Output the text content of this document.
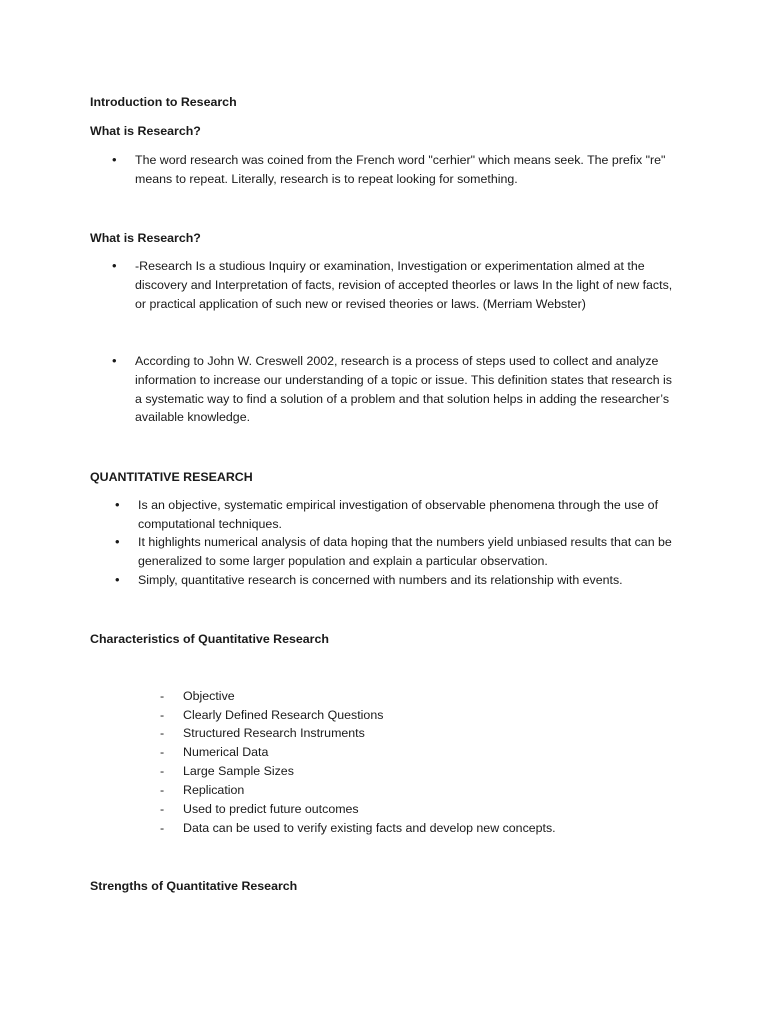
Introduction to Research
What is Research?
• The word research was coined from the French word "cerhier" which means seek. The prefix "re" means to repeat. Literally, research is to repeat looking for something.
What is Research?
• -Research Is a studious Inquiry or examination, Investigation or experimentation almed at the discovery and Interpretation of facts, revision of accepted theorles or laws In the light of new facts, or practical application of such new or revised theories or laws. (Merriam Webster)
• According to John W. Creswell 2002, research is a process of steps used to collect and analyze information to increase our understanding of a topic or issue. This definition states that research is a systematic way to find a solution of a problem and that solution helps in adding the researcher’s available knowledge.
QUANTITATIVE RESEARCH
• Is an objective, systematic empirical investigation of observable phenomena through the use of computational techniques.
• It highlights numerical analysis of data hoping that the numbers yield unbiased results that can be generalized to some larger population and explain a particular observation.
• Simply, quantitative research is concerned with numbers and its relationship with events.
Characteristics of Quantitative Research
- Objective
- Clearly Defined Research Questions
- Structured Research Instruments
- Numerical Data
- Large Sample Sizes
- Replication
- Used to predict future outcomes
- Data can be used to verify existing facts and develop new concepts.
Strengths of Quantitative Research
